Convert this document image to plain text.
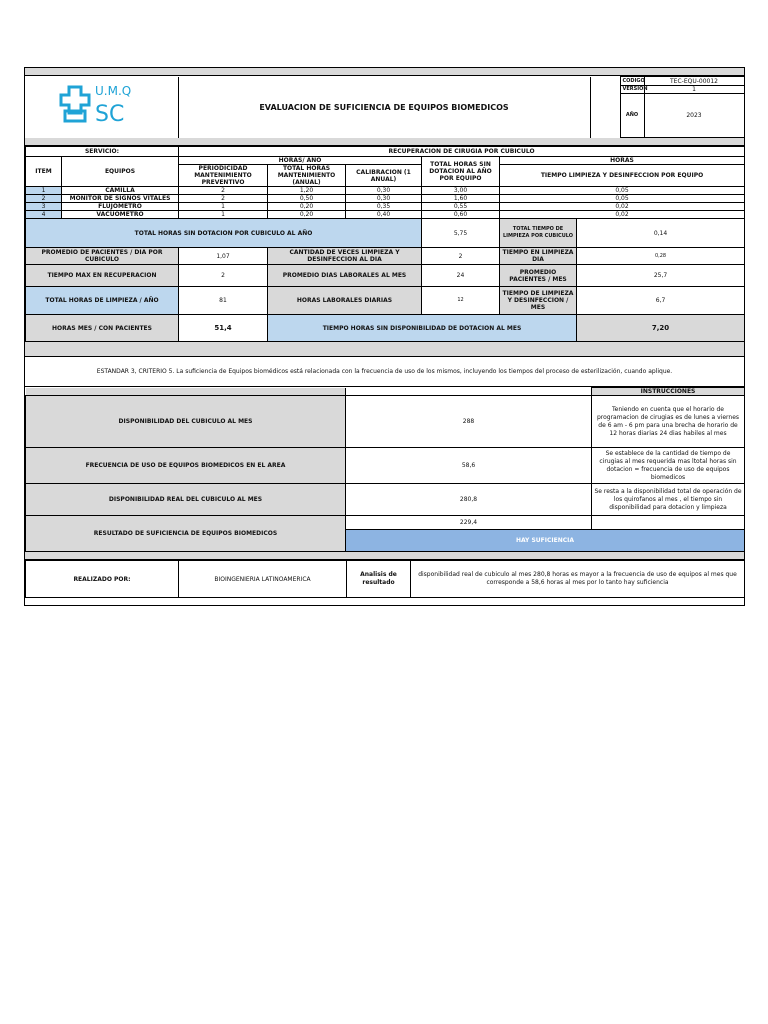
U.M.Q
SC	EVALUACION DE SUFICIENCIA DE EQUIPOS BIOMEDICOS		CODIGO	TEC-EQU-00012
			VERSION	1
			AÑO	2023
SERVICIO:		RECUPERACION DE CIRUGIA POR CUBICULO					
ITEM	EQUIPOS	HORAS/ AÑO			TOTAL HORAS SIN DOTACION AL AÑO POR EQUIPO	HORAS	
		PERIODICIDAD MANTENIMIENTO PREVENTIVO	TOTAL HORAS MANTENIMIENTO (ANUAL)	CALIBRACION (1 ANUAL)		TIEMPO LIMPIEZA Y DESINFECCION POR EQUIPO	
1	CAMILLA	2	1,20	0,30	3,00	0,05	
2	MONITOR DE SIGNOS VITALES	2	0,50	0,30	1,60	0,05	
3	FLUJOMETRO	1	0,20	0,35	0,55	0,02	
4	VACUOMETRO	1	0,20	0,40	0,60	0,02	
TOTAL HORAS SIN DOTACION POR CUBICULO AL AÑO					5,75	TOTAL TIEMPO DE LIMPIEZA POR CUBICULO	0,14
PROMEDIO DE PACIENTES / DIA POR CUBICULO		1,07	CANTIDAD DE VECES LIMPIEZA Y DESINFECCION AL DIA		2	TIEMPO EN LIMPIEZA DIA	0,28
TIEMPO MAX EN RECUPERACION		2	PROMEDIO DIAS LABORALES AL MES		24	PROMEDIO PACIENTES / MES	25,7
TOTAL HORAS DE LIMPIEZA / AÑO		81	HORAS LABORALES DIARIAS		12	TIEMPO DE LIMPIEZA Y DESINFECCION / MES	6,7
HORAS MES / CON PACIENTES		51,4	TIEMPO HORAS SIN DISPONIBILIDAD DE DOTACION AL MES				7,20
ESTANDAR 3, CRITERIO 5. La suficiencia de Equipos biomédicos está relacionada con la frecuencia de uso de los mismos, incluyendo los tiempos del proceso de esterilización, cuando aplique.
		INSTRUCCIONES
DISPONIBILIDAD DEL CUBICULO AL MES	288	Teniendo en cuenta que el horario de programacion de cirugias es de lunes a viernes de 6 am - 6 pm para una brecha de horario de 12 horas diarias 24 dias habiles al mes
FRECUENCIA DE USO DE EQUIPOS BIOMEDICOS EN EL AREA	58,6	Se establece de la cantidad de tiempo de cirugias al mes requerida mas ltotal horas sin dotacion = frecuencia de uso de equipos biomedicos
DISPONIBILIDAD REAL DEL CUBICULO AL MES	280,8	Se resta a la disponibilidad total de operación de los quirofanos al mes , el tiempo sin disponibilidad para dotacion y limpieza
RESULTADO DE SUFICIENCIA DE EQUIPOS BIOMEDICOS	229,4	
	HAY SUFICIENCIA	
REALIZADO POR:	BIOINGENIERIA LATINOAMERICA	Analisis de resultado	disponibilidad real de cubiculo al mes 280,8 horas es mayor a la frecuencia de uso de equipos al mes que corresponde a 58,6 horas al mes por lo tanto hay suficiencia
